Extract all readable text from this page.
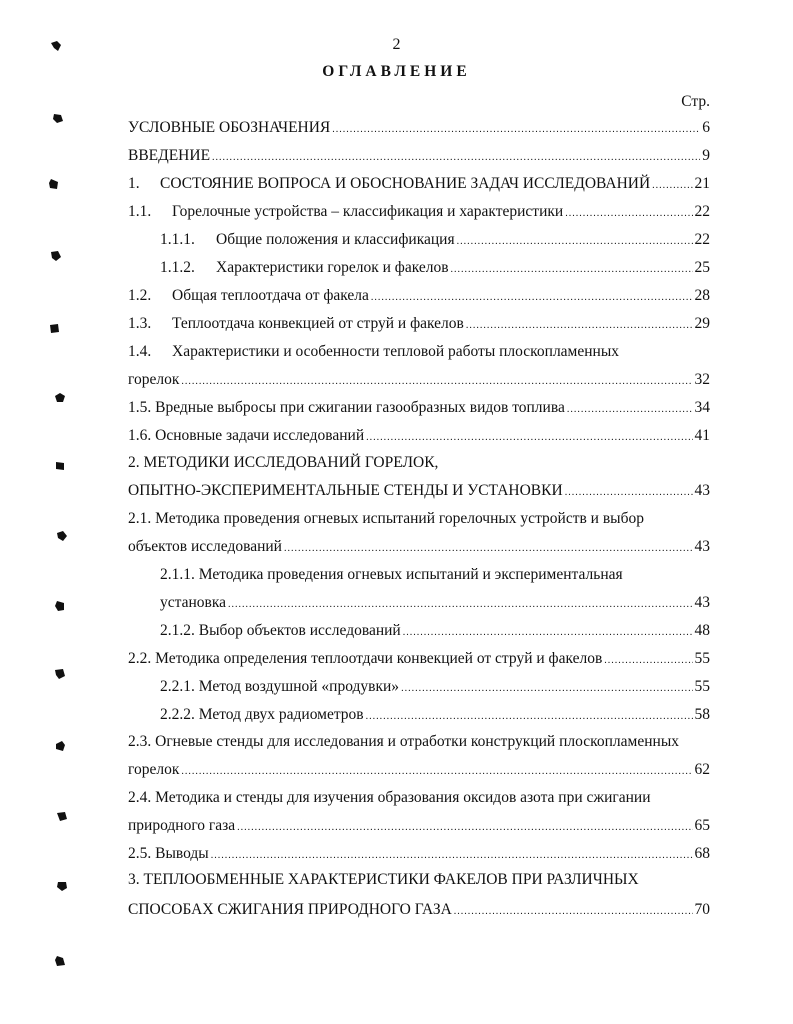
2
ОГЛАВЛЕНИЕ
Стр.
УСЛОВНЫЕ ОБОЗНАЧЕНИЯ .....	6
ВВЕДЕНИЕ .....	9
1. СОСТОЯНИЕ ВОПРОСА И ОБОСНОВАНИЕ ЗАДАЧ ИССЛЕДОВАНИЙ .....	21
1.1. Горелочные устройства – классификация и характеристики .....	22
1.1.1. Общие положения и классификация .....	22
1.1.2. Характеристики горелок и факелов .....	25
1.2. Общая теплоотдача от факела .....	28
1.3. Теплоотдача конвекцией от струй и факелов .....	29
1.4. Характеристики и особенности тепловой работы плоскопламенных
горелок .....	32
1.5. Вредные выбросы при сжигании газообразных видов топлива .....	34
1.6. Основные задачи исследований .....	41
2. МЕТОДИКИ ИССЛЕДОВАНИЙ ГОРЕЛОК,
ОПЫТНО-ЭКСПЕРИМЕНТАЛЬНЫЕ СТЕНДЫ И УСТАНОВКИ .....	43
2.1. Методика проведения огневых испытаний горелочных устройств и выбор
объектов исследований .....	43
2.1.1. Методика проведения огневых испытаний и экспериментальная
установка .....	43
2.1.2. Выбор объектов исследований .....	48
2.2. Методика определения теплоотдачи конвекцией от струй и факелов .....	55
2.2.1. Метод воздушной «продувки» .....	55
2.2.2. Метод двух радиометров .....	58
2.3. Огневые стенды для исследования и отработки конструкций плоскопламенных
горелок .....	62
2.4. Методика и стенды для изучения образования оксидов азота при сжигании
природного газа .....	65
2.5. Выводы .....	68
3. ТЕПЛООБМЕННЫЕ ХАРАКТЕРИСТИКИ ФАКЕЛОВ ПРИ РАЗЛИЧНЫХ
СПОСОБАХ СЖИГАНИЯ ПРИРОДНОГО ГАЗА .....	70
